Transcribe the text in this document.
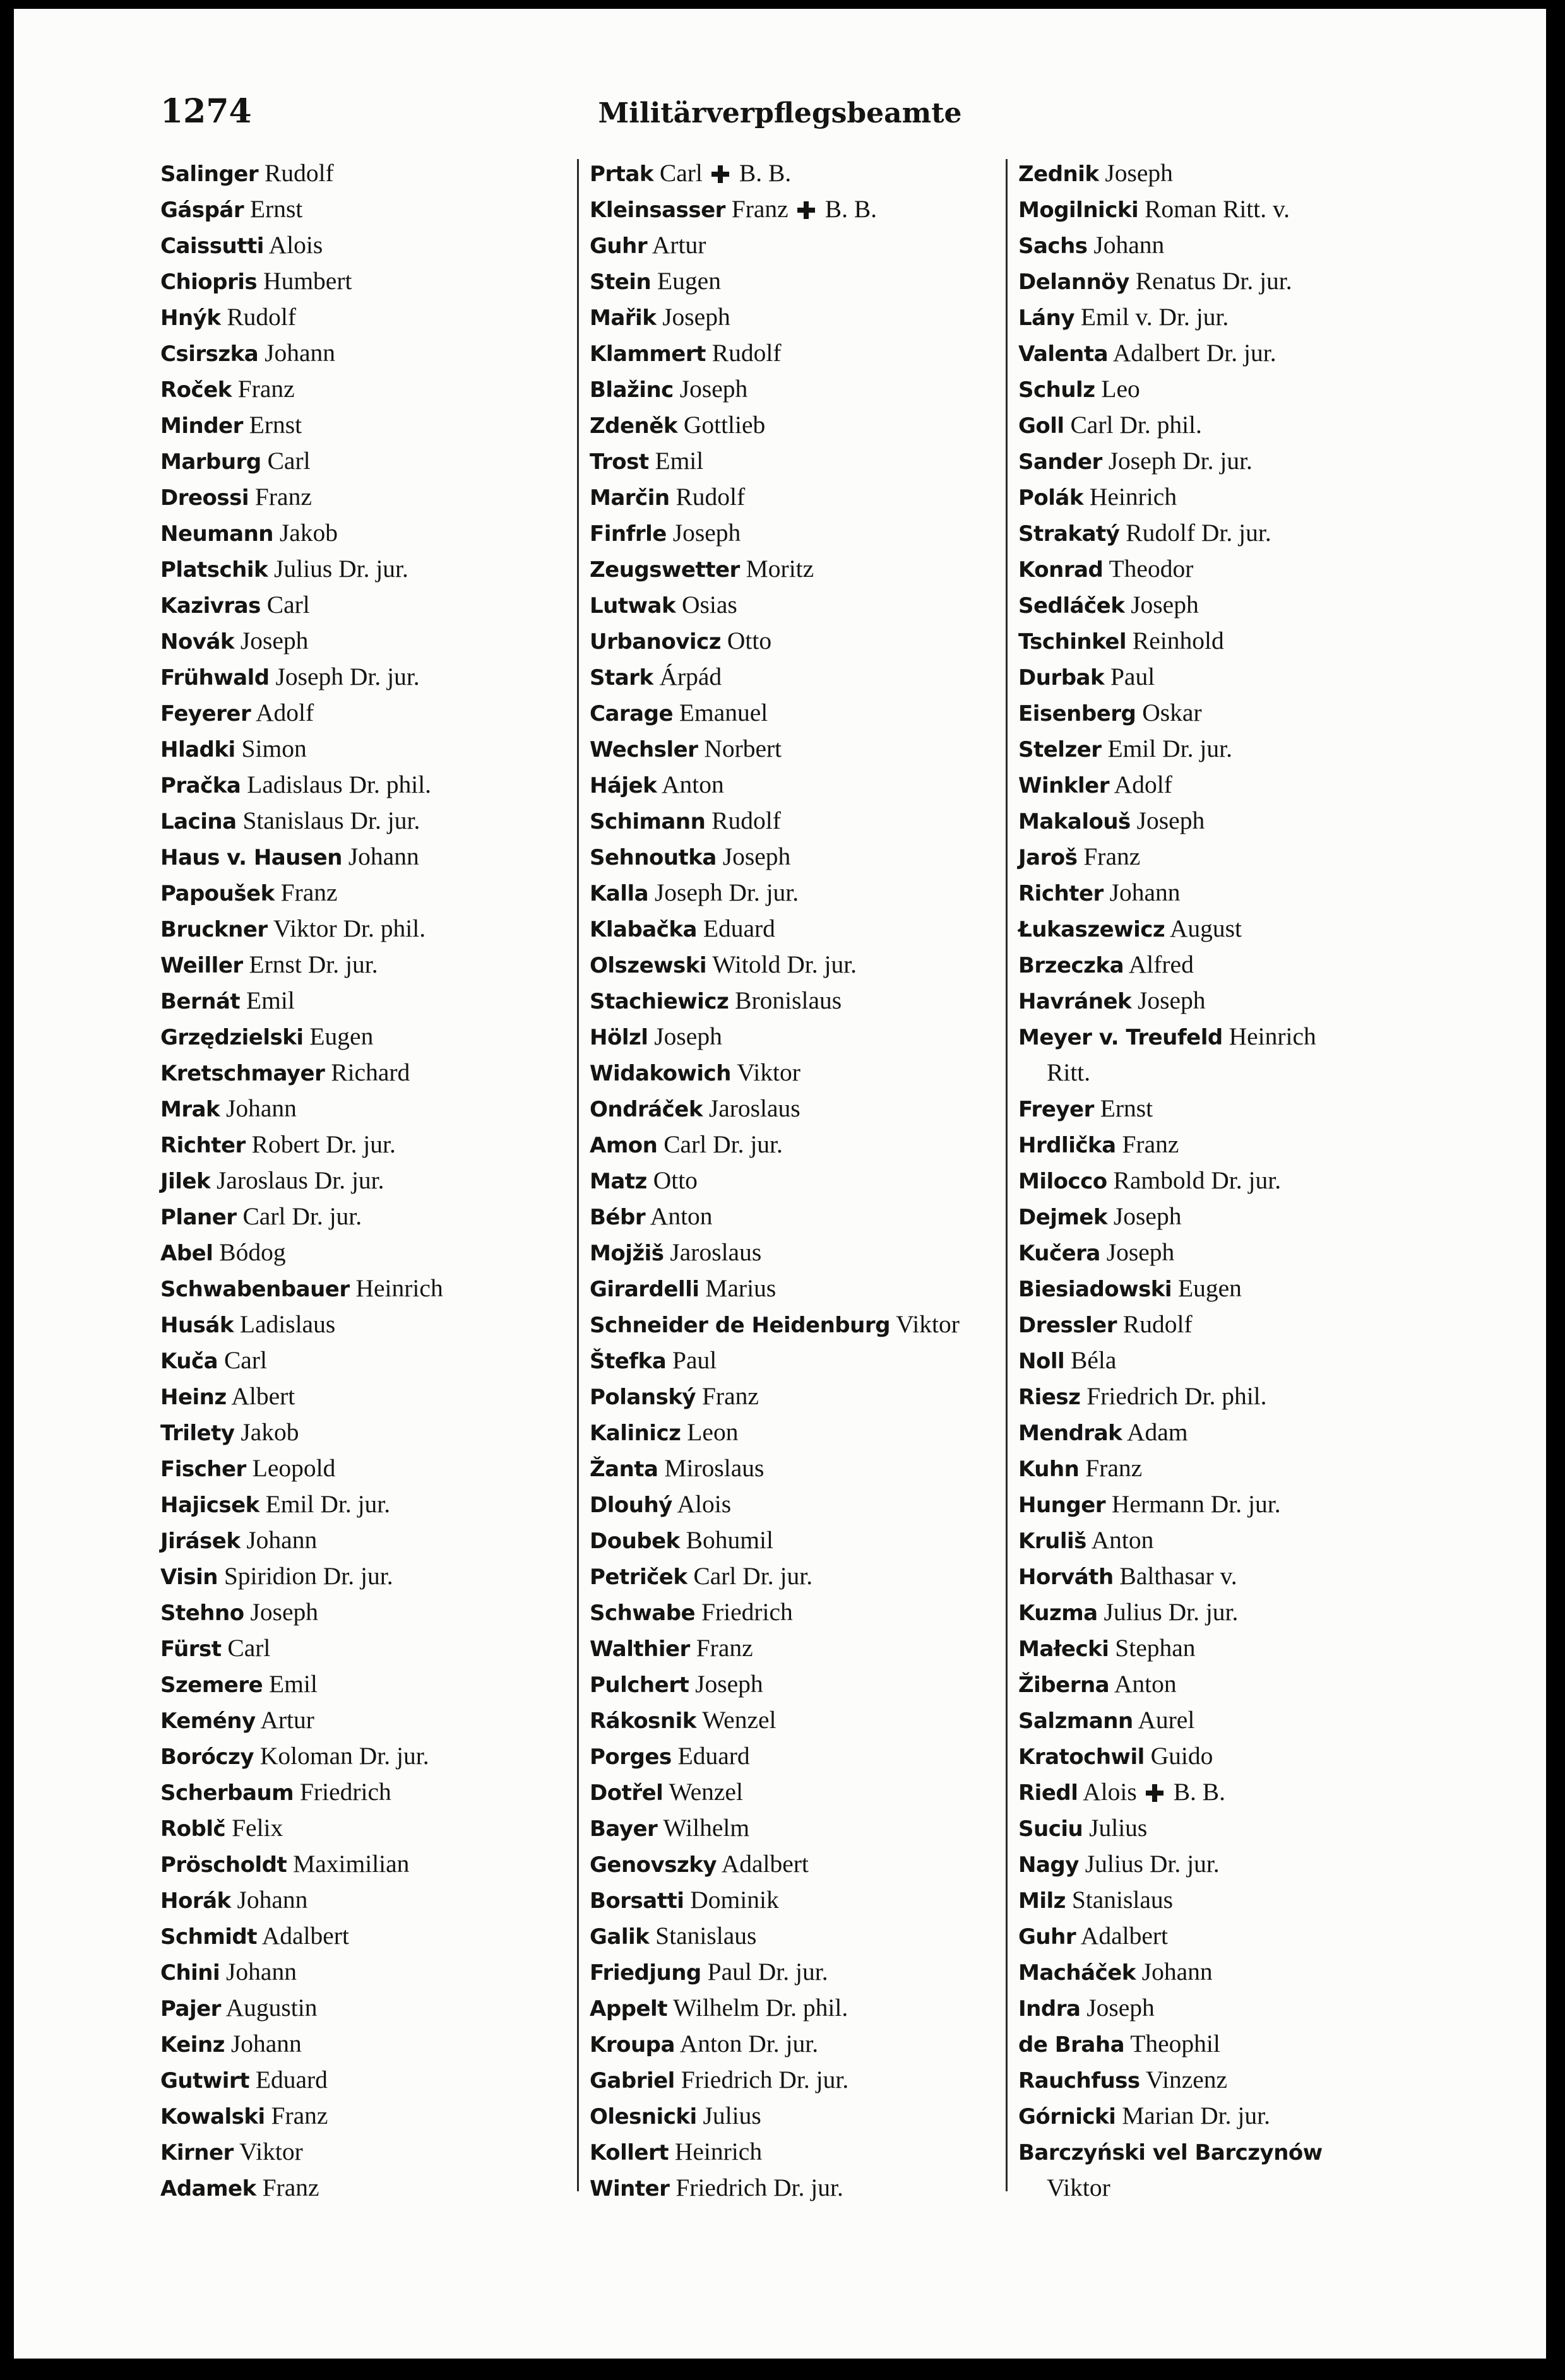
1274	Militärverpflegsbeamte
Salinger Rudolf
Gáspár Ernst
Caissutti Alois
Chiopris Humbert
Hnýk Rudolf
Csirszka Johann
Roček Franz
Minder Ernst
Marburg Carl
Dreossi Franz
Neumann Jakob
Platschik Julius Dr. jur.
Kazivras Carl
Novák Joseph
Frühwald Joseph Dr. jur.
Feyerer Adolf
Hladki Simon
Pračka Ladislaus Dr. phil.
Lacina Stanislaus Dr. jur.
Haus v. Hausen Johann
Papoušek Franz
Bruckner Viktor Dr. phil.
Weiller Ernst Dr. jur.
Bernát Emil
Grzędzielski Eugen
Kretschmayer Richard
Mrak Johann
Richter Robert Dr. jur.
Jilek Jaroslaus Dr. jur.
Planer Carl Dr. jur.
Abel Bódog
Schwabenbauer Heinrich
Husák Ladislaus
Kuča Carl
Heinz Albert
Trilety Jakob
Fischer Leopold
Hajicsek Emil Dr. jur.
Jirásek Johann
Visin Spiridion Dr. jur.
Stehno Joseph
Fürst Carl
Szemere Emil
Kemény Artur
Boróczy Koloman Dr. jur.
Scherbaum Friedrich
Roblč Felix
Pröscholdt Maximilian
Horák Johann
Schmidt Adalbert
Chini Johann
Pajer Augustin
Keinz Johann
Gutwirt Eduard
Kowalski Franz
Kirner Viktor
Adamek Franz
Prtak Carl B. B.
Kleinsasser Franz B. B.
Guhr Artur
Stein Eugen
Mařik Joseph
Klammert Rudolf
Blažinc Joseph
Zdeněk Gottlieb
Trost Emil
Marčin Rudolf
Finfrle Joseph
Zeugswetter Moritz
Lutwak Osias
Urbanovicz Otto
Stark Árpád
Carage Emanuel
Wechsler Norbert
Hájek Anton
Schimann Rudolf
Sehnoutka Joseph
Kalla Joseph Dr. jur.
Klabačka Eduard
Olszewski Witold Dr. jur.
Stachiewicz Bronislaus
Hölzl Joseph
Widakowich Viktor
Ondráček Jaroslaus
Amon Carl Dr. jur.
Matz Otto
Bébr Anton
Mojžiš Jaroslaus
Girardelli Marius
Schneider de Heidenburg Viktor
Štefka Paul
Polanský Franz
Kalinicz Leon
Žanta Miroslaus
Dlouhý Alois
Doubek Bohumil
Petriček Carl Dr. jur.
Schwabe Friedrich
Walthier Franz
Pulchert Joseph
Rákosnik Wenzel
Porges Eduard
Dotřel Wenzel
Bayer Wilhelm
Genovszky Adalbert
Borsatti Dominik
Galik Stanislaus
Friedjung Paul Dr. jur.
Appelt Wilhelm Dr. phil.
Kroupa Anton Dr. jur.
Gabriel Friedrich Dr. jur.
Olesnicki Julius
Kollert Heinrich
Winter Friedrich Dr. jur.
Zednik Joseph
Mogilnicki Roman Ritt. v.
Sachs Johann
Delannöy Renatus Dr. jur.
Lány Emil v. Dr. jur.
Valenta Adalbert Dr. jur.
Schulz Leo
Goll Carl Dr. phil.
Sander Joseph Dr. jur.
Polák Heinrich
Strakatý Rudolf Dr. jur.
Konrad Theodor
Sedláček Joseph
Tschinkel Reinhold
Durbak Paul
Eisenberg Oskar
Stelzer Emil Dr. jur.
Winkler Adolf
Makalouš Joseph
Jaroš Franz
Richter Johann
Łukaszewicz August
Brzeczka Alfred
Havránek Joseph
Meyer v. Treufeld Heinrich
Ritt.
Freyer Ernst
Hrdlička Franz
Milocco Rambold Dr. jur.
Dejmek Joseph
Kučera Joseph
Biesiadowski Eugen
Dressler Rudolf
Noll Béla
Riesz Friedrich Dr. phil.
Mendrak Adam
Kuhn Franz
Hunger Hermann Dr. jur.
Kruliš Anton
Horváth Balthasar v.
Kuzma Julius Dr. jur.
Małecki Stephan
Žiberna Anton
Salzmann Aurel
Kratochwil Guido
Riedl Alois B. B.
Suciu Julius
Nagy Julius Dr. jur.
Milz Stanislaus
Guhr Adalbert
Macháček Johann
Indra Joseph
de Braha Theophil
Rauchfuss Vinzenz
Górnicki Marian Dr. jur.
Barczyński vel Barczynów
Viktor
